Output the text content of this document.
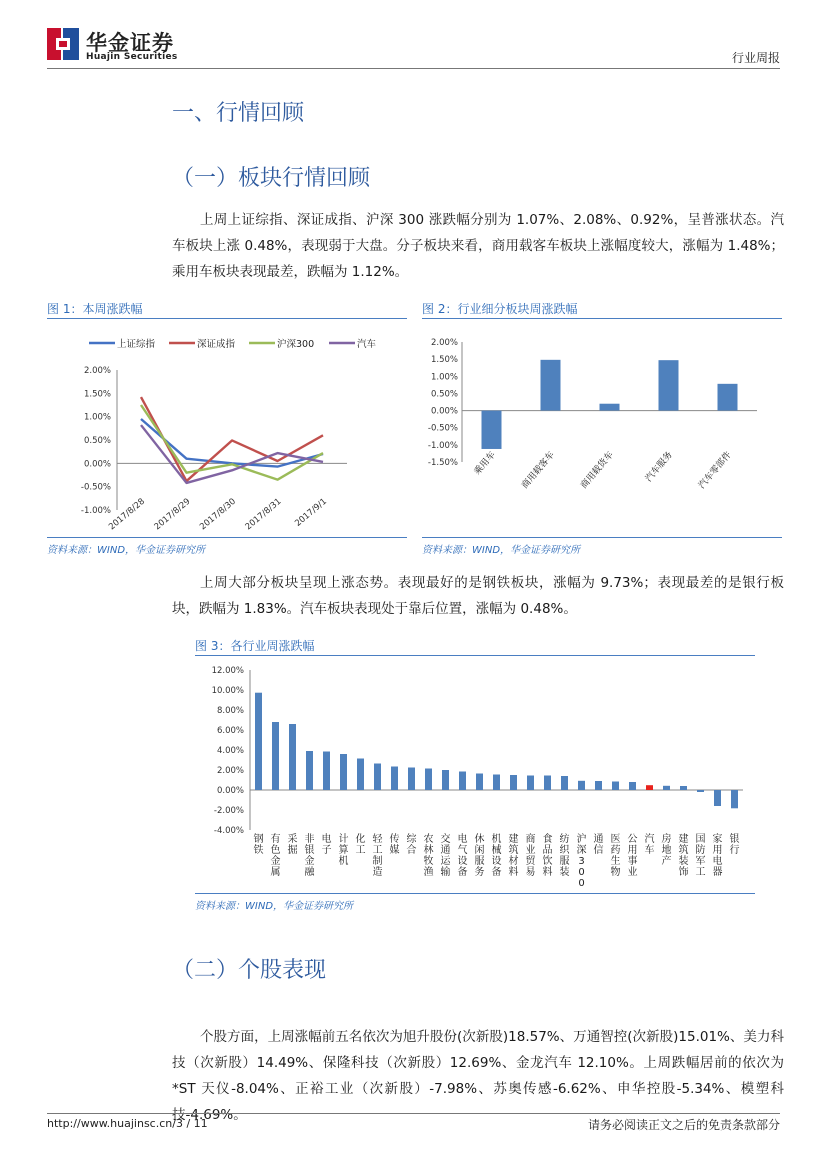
华金证券
Huajin Securities	行业周报
一、行情回顾
（一）板块行情回顾
上周上证综指、深证成指、沪深 300 涨跌幅分别为 1.07%、2.08%、0.92%，呈普涨状态。汽车板块上涨 0.48%，表现弱于大盘。分子板块来看，商用载客车板块上涨幅度较大，涨幅为 1.48%；乘用车板块表现最差，跌幅为 1.12%。
图 1：本周涨跌幅
2.00%
1.50%
1.00%
0.50%
0.00%
-0.50%
-1.00%
2017/8/28 2017/8/29 2017/8/30 2017/8/31 2017/9/1
上证综指	深证成指	沪深300	汽车
资料来源：WIND，华金证券研究所
图 2：行业细分板块周涨跌幅
2.00%
1.50%
1.00%
0.50%
0.00%
-0.50%
-1.00%
-1.50% 乘用车 商用载客车 商用载货车	汽车服务 汽车零部件
资料来源：WIND，华金证券研究所
上周大部分板块呈现上涨态势。表现最好的是钢铁板块，涨幅为 9.73%；表现最差的是银行板块，跌幅为 1.83%。汽车板块表现处于靠后位置，涨幅为 0.48%。
图 3：各行业周涨跌幅
12.00%
10.00%
8.00%
6.00%
4.00%
2.00%
0.00%
-2.00%
-4.00%
钢铁
有色金属
采掘
非银金融
电子
计算机
化工
轻工制造
传媒
综合
农林牧渔
交通运输
电气设备
休闲服务
机械设备
建筑材料
商业贸易
食品饮料
纺织服装
沪深 3 0 0
通信
医药生物
公用事业
汽车
房地产
建筑装饰
国防军工
家用电器
银行
资料来源：WIND，华金证券研究所
（二）个股表现
个股方面，上周涨幅前五名依次为旭升股份(次新股)18.57%、万通智控(次新股)15.01%、美力科技（次新股）14.49%、保隆科技（次新股）12.69%、金龙汽车 12.10%。上周跌幅居前的依次为*ST 天仪-8.04%、正裕工业（次新股）-7.98%、苏奥传感-6.62%、申华控股-5.34%、模塑科技-4.69%。
http://www.huajinsc.cn/3 / 11	请务必阅读正文之后的免责条款部分
